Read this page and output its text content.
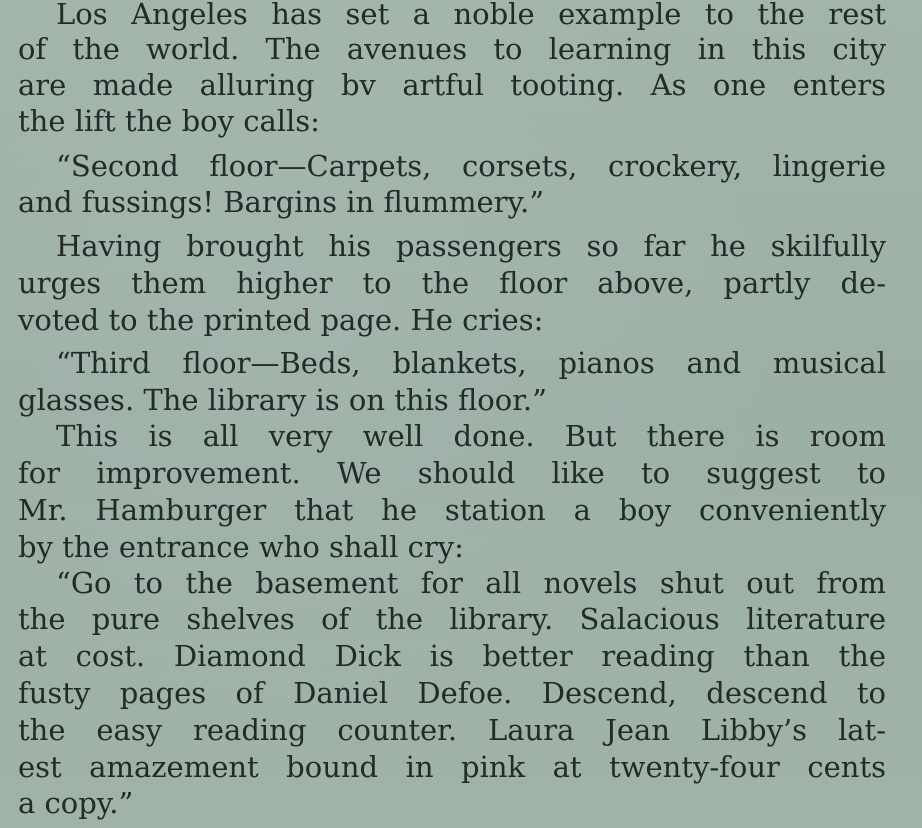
Los Angeles has set a noble example to the rest
of the world. The avenues to learning in this city
are made alluring bv artful tooting. As one enters
the lift the boy calls:
“Second floor—Carpets, corsets, crockery, lingerie
and fussings! Bargins in flummery.”
Having brought his passengers so far he skilfully
urges them higher to the floor above, partly de-
voted to the printed page. He cries:
“Third floor—Beds, blankets, pianos and musical
glasses. The library is on this floor.”
This is all very well done. But there is room
for improvement. We should like to suggest to
Mr. Hamburger that he station a boy conveniently
by the entrance who shall cry:
“Go to the basement for all novels shut out from
the pure shelves of the library. Salacious literature
at cost. Diamond Dick is better reading than the
fusty pages of Daniel Defoe. Descend, descend to
the easy reading counter. Laura Jean Libby’s lat-
est amazement bound in pink at twenty-four cents
a copy.”
